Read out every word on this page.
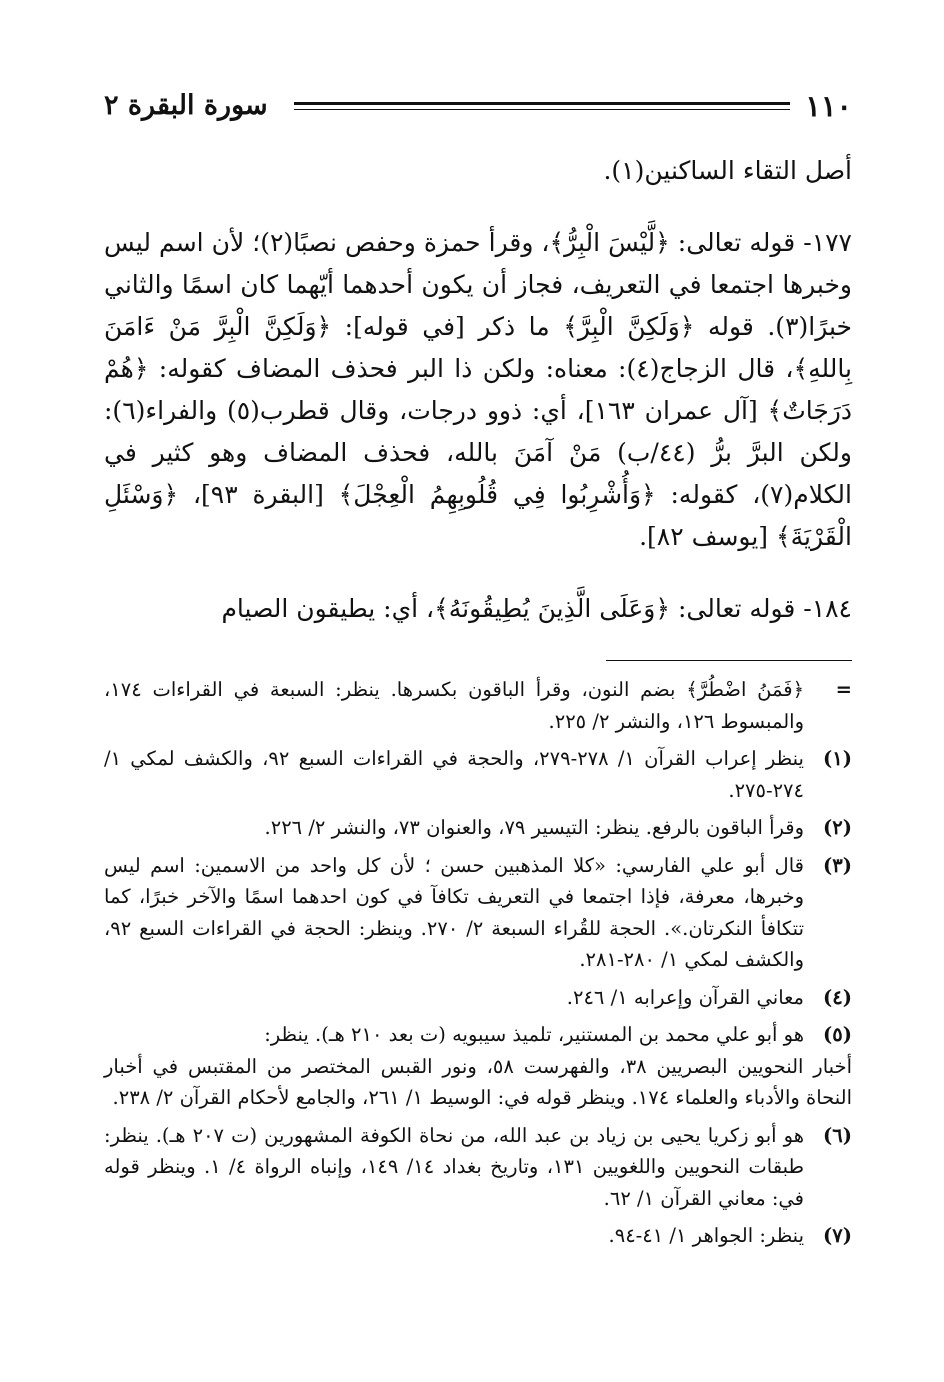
١١٠
سورة البقرة ٢

أصل التقاء الساكنين(١).

١٧٧- قوله تعالى: ﴿لَّيْسَ الْبِرُّ﴾، وقرأ حمزة وحفص نصبًا(٢)؛ لأن اسم ليس وخبرها اجتمعا في التعريف، فجاز أن يكون أحدهما أيّهما كان اسمًا والثاني خبرًا(٣). قوله ﴿وَلَكِنَّ الْبِرَّ﴾ ما ذكر [في قوله]: ﴿وَلَكِنَّ الْبِرَّ مَنْ ءَامَنَ بِاللهِ﴾، قال الزجاج(٤): معناه: ولكن ذا البر فحذف المضاف كقوله: ﴿هُمْ دَرَجَاتٌ﴾ [آل عمران ١٦٣]، أي: ذوو درجات، وقال قطرب(٥) والفراء(٦): ولكن البرَّ برُّ (٤٤/ب) مَنْ آمَنَ بالله، فحذف المضاف وهو كثير في الكلام(٧)، كقوله: ﴿وَأُشْرِبُوا فِي قُلُوبِهِمُ الْعِجْلَ﴾ [البقرة ٩٣]، ﴿وَسْئَلِ الْقَرْيَةَ﴾ [يوسف ٨٢].

١٨٤- قوله تعالى: ﴿وَعَلَى الَّذِينَ يُطِيقُونَهُ﴾، أي: يطيقون الصيام

=
﴿فَمَنُ اضْطُرَّ﴾ بضم النون، وقرأ الباقون بكسرها. ينظر: السبعة في القراءات ١٧٤، والمبسوط ١٢٦، والنشر ٢/ ٢٢٥.
(١)
ينظر إعراب القرآن ١/ ٢٧٨-٢٧٩، والحجة في القراءات السبع ٩٢، والكشف لمكي ١/ ٢٧٤-٢٧٥.
(٢)
وقرأ الباقون بالرفع. ينظر: التيسير ٧٩، والعنوان ٧٣، والنشر ٢/ ٢٢٦.
(٣)
قال أبو علي الفارسي: «كلا المذهبين حسن ؛ لأن كل واحد من الاسمين: اسم ليس وخبرها، معرفة، فإذا اجتمعا في التعريف تكافآ في كون احدهما اسمًا والآخر خبرًا، كما تتكافأ النكرتان.». الحجة للقُراء السبعة ٢/ ٢٧٠. وينظر: الحجة في القراءات السبع ٩٢، والكشف لمكي ١/ ٢٨٠-٢٨١.
(٤)
معاني القرآن وإعرابه ١/ ٢٤٦.
(٥)
هو أبو علي محمد بن المستنير، تلميذ سيبويه (ت بعد ٢١٠ هـ). ينظر:
أخبار النحويين البصريين ٣٨، والفهرست ٥٨، ونور القبس المختصر من المقتبس في أخبار النحاة والأدباء والعلماء ١٧٤. وينظر قوله في: الوسيط ١/ ٢٦١، والجامع لأحكام القرآن ٢/ ٢٣٨.
(٦)
هو أبو زكريا يحيى بن زياد بن عبد الله، من نحاة الكوفة المشهورين (ت ٢٠٧ هـ). ينظر: طبقات النحويين واللغويين ١٣١، وتاريخ بغداد ١٤/ ١٤٩، وإنباه الرواة ٤/ ١. وينظر قوله في: معاني القرآن ١/ ٦٢.
(٧)
ينظر: الجواهر ١/ ٤١-٩٤.
